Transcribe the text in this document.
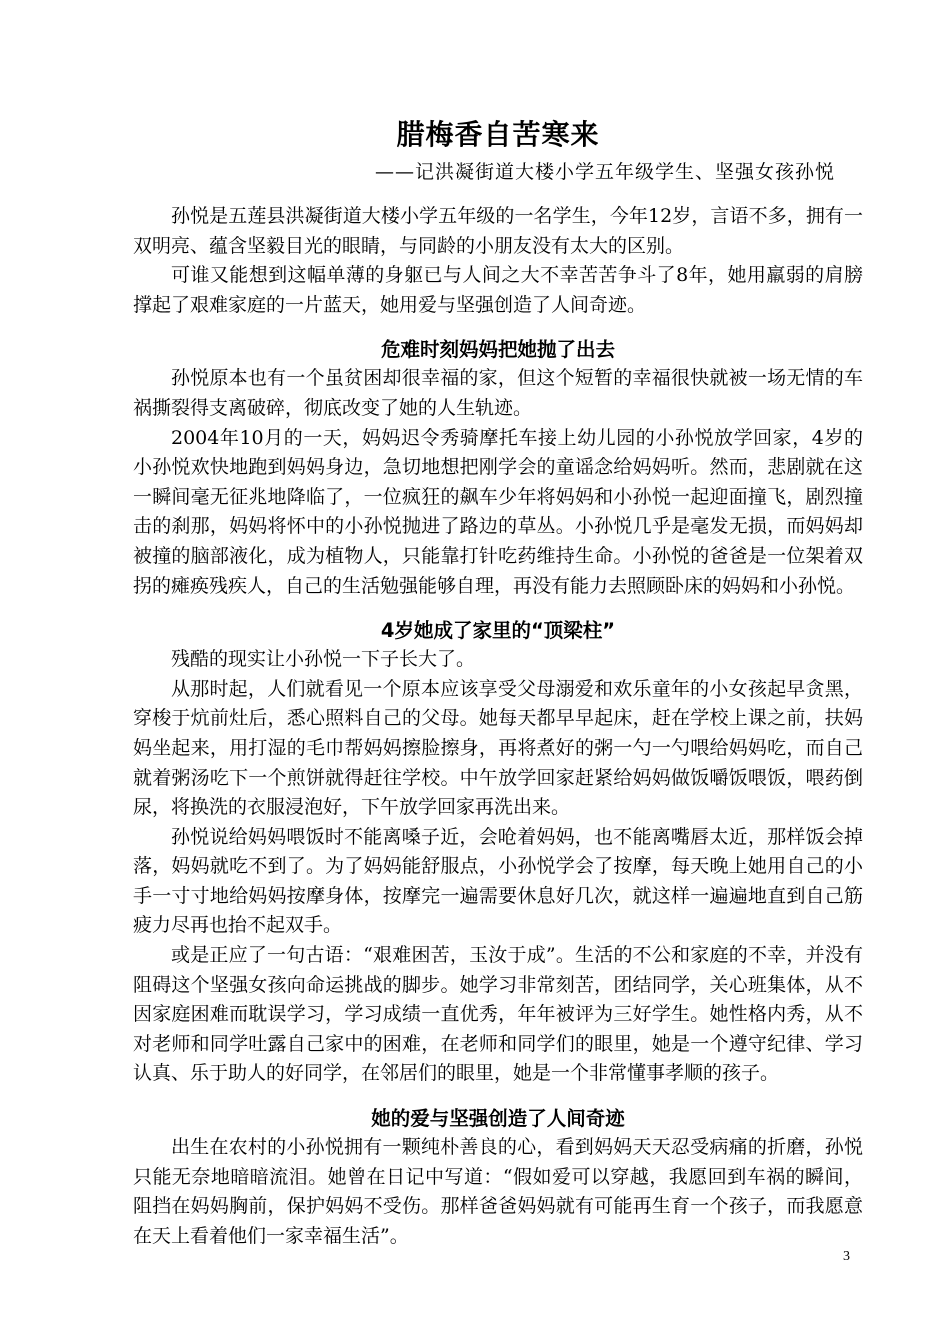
腊梅香自苦寒来
——记洪凝街道大楼小学五年级学生、坚强女孩孙悦

孙悦是五莲县洪凝街道大楼小学五年级的一名学生，今年12岁，言语不多，拥有一双明亮、蕴含坚毅目光的眼睛，与同龄的小朋友没有太大的区别。

可谁又能想到这幅单薄的身躯已与人间之大不幸苦苦争斗了8年，她用羸弱的肩膀撑起了艰难家庭的一片蓝天，她用爱与坚强创造了人间奇迹。

危难时刻妈妈把她抛了出去

孙悦原本也有一个虽贫困却很幸福的家，但这个短暂的幸福很快就被一场无情的车祸撕裂得支离破碎，彻底改变了她的人生轨迹。

2004年10月的一天，妈妈迟令秀骑摩托车接上幼儿园的小孙悦放学回家，4岁的小孙悦欢快地跑到妈妈身边，急切地想把刚学会的童谣念给妈妈听。然而，悲剧就在这一瞬间毫无征兆地降临了，一位疯狂的飙车少年将妈妈和小孙悦一起迎面撞飞，剧烈撞击的刹那，妈妈将怀中的小孙悦抛进了路边的草丛。小孙悦几乎是毫发无损，而妈妈却被撞的脑部液化，成为植物人，只能靠打针吃药维持生命。小孙悦的爸爸是一位架着双拐的瘫痪残疾人，自己的生活勉强能够自理，再没有能力去照顾卧床的妈妈和小孙悦。

4岁她成了家里的“顶梁柱”

残酷的现实让小孙悦一下子长大了。

从那时起，人们就看见一个原本应该享受父母溺爱和欢乐童年的小女孩起早贪黑，穿梭于炕前灶后，悉心照料自己的父母。她每天都早早起床，赶在学校上课之前，扶妈妈坐起来，用打湿的毛巾帮妈妈擦脸擦身，再将煮好的粥一勺一勺喂给妈妈吃，而自己就着粥汤吃下一个煎饼就得赶往学校。中午放学回家赶紧给妈妈做饭嚼饭喂饭，喂药倒尿，将换洗的衣服浸泡好，下午放学回家再洗出来。

孙悦说给妈妈喂饭时不能离嗓子近，会呛着妈妈，也不能离嘴唇太近，那样饭会掉落，妈妈就吃不到了。为了妈妈能舒服点，小孙悦学会了按摩，每天晚上她用自己的小手一寸寸地给妈妈按摩身体，按摩完一遍需要休息好几次，就这样一遍遍地直到自己筋疲力尽再也抬不起双手。

或是正应了一句古语：“艰难困苦，玉汝于成”。生活的不公和家庭的不幸，并没有阻碍这个坚强女孩向命运挑战的脚步。她学习非常刻苦，团结同学，关心班集体，从不因家庭困难而耽误学习，学习成绩一直优秀，年年被评为三好学生。她性格内秀，从不对老师和同学吐露自己家中的困难，在老师和同学们的眼里，她是一个遵守纪律、学习认真、乐于助人的好同学，在邻居们的眼里，她是一个非常懂事孝顺的孩子。

她的爱与坚强创造了人间奇迹

出生在农村的小孙悦拥有一颗纯朴善良的心，看到妈妈天天忍受病痛的折磨，孙悦只能无奈地暗暗流泪。她曾在日记中写道：“假如爱可以穿越，我愿回到车祸的瞬间，阻挡在妈妈胸前，保护妈妈不受伤。那样爸爸妈妈就有可能再生育一个孩子，而我愿意在天上看着他们一家幸福生活”。

3
